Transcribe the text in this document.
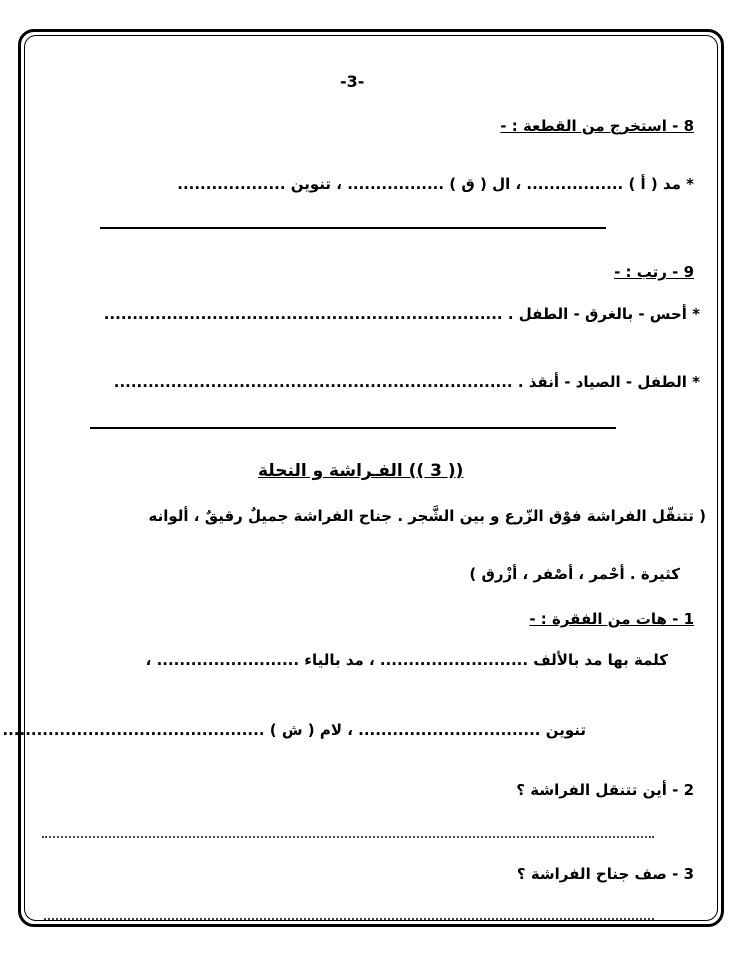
-3-
8 - استخرج من القطعة : -
* مد ( أ ) ................. ، ال ( ق ) ................. ، تنوين ...................
9 - رتب : -
* أحس - بالغرق - الطفل . ......................................................................
* الطفل - الصياد - أنقذ . ......................................................................
(( 3 )) الفـراشة و النحلة
( تتنقّل الفراشة فوْق الزّرع و بين الشَّجر . جناح الفراشة جميلٌ رقيقٌ ، ألوانه
كثيرة . أحْمر ، أصْفر ، أزْرق )
1 - هات من الفقرة : -
كلمة بها مد بالألف .......................... ، مد بالياء ......................... ،
تنوين ................................ ، لام ( ش ) ..............................................
2 - أين تتنقل الفراشة ؟
3 - صف جناح الفراشة ؟
